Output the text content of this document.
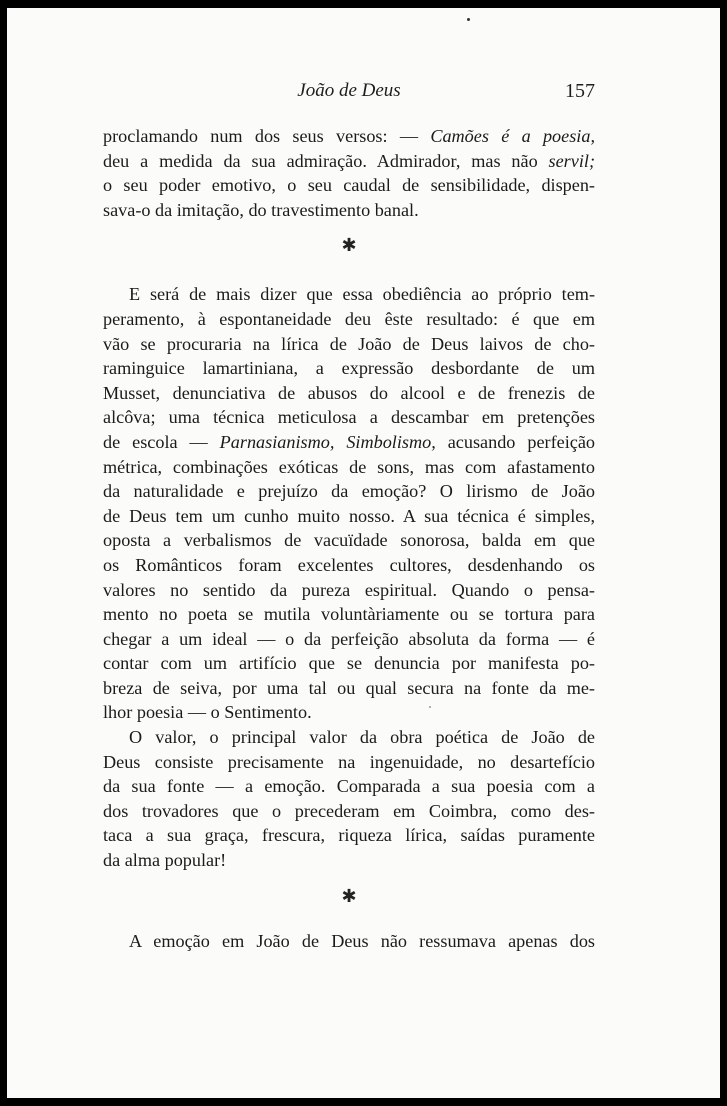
João de Deus	157
proclamando num dos seus versos: — Camões é a poesia,
deu a medida da sua admiração. Admirador, mas não servil;
o seu poder emotivo, o seu caudal de sensibilidade, dispen-
sava-o da imitação, do travestimento banal.
✱
E será de mais dizer que essa obediência ao próprio tem-
peramento, à espontaneidade deu êste resultado: é que em
vão se procuraria na lírica de João de Deus laivos de cho-
raminguice lamartiniana, a expressão desbordante de um
Musset, denunciativa de abusos do alcool e de frenezis de
alcôva; uma técnica meticulosa a descambar em pretenções
de escola — Parnasianismo, Simbolismo, acusando perfeição
métrica, combinações exóticas de sons, mas com afastamento
da naturalidade e prejuízo da emoção? O lirismo de João
de Deus tem um cunho muito nosso. A sua técnica é simples,
oposta a verbalismos de vacuïdade sonorosa, balda em que
os Românticos foram excelentes cultores, desdenhando os
valores no sentido da pureza espiritual. Quando o pensa-
mento no poeta se mutila voluntàriamente ou se tortura para
chegar a um ideal — o da perfeição absoluta da forma — é
contar com um artifício que se denuncia por manifesta po-
breza de seiva, por uma tal ou qual secura na fonte da me-
lhor poesia — o Sentimento.
O valor, o principal valor da obra poética de João de
Deus consiste precisamente na ingenuidade, no desartefício
da sua fonte — a emoção. Comparada a sua poesia com a
dos trovadores que o precederam em Coimbra, como des-
taca a sua graça, frescura, riqueza lírica, saídas puramente
da alma popular!
✱
A emoção em João de Deus não ressumava apenas dos
